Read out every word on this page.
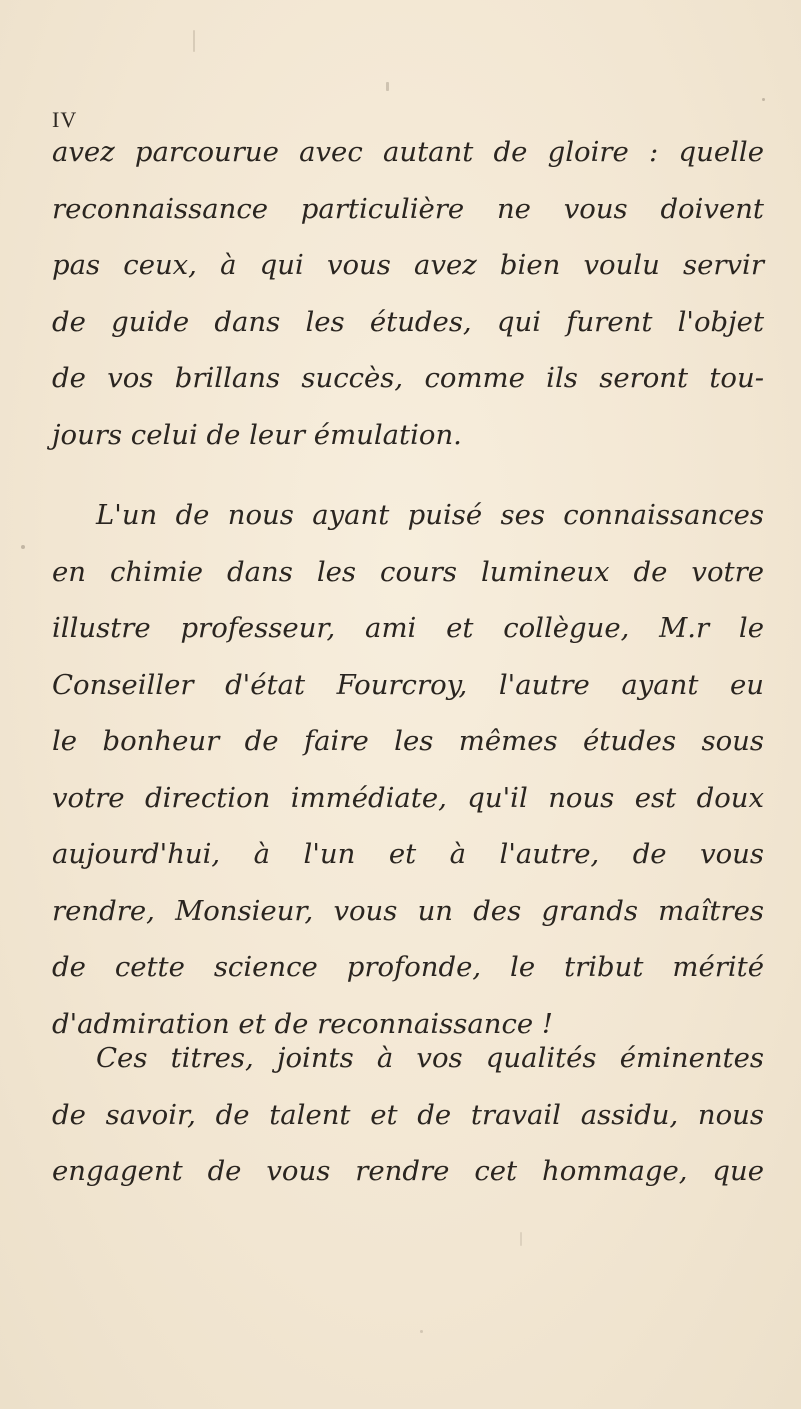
IV
avez parcourue avec autant de gloire : quelle
reconnaissance particulière ne vous doivent
pas ceux, à qui vous avez bien voulu servir
de guide dans les études, qui furent l'objet
de vos brillans succès, comme ils seront tou-
jours celui de leur émulation.
L'un de nous ayant puisé ses connaissances
en chimie dans les cours lumineux de votre
illustre professeur, ami et collègue, M.r le
Conseiller d'état Fourcroy, l'autre ayant eu
le bonheur de faire les mêmes études sous
votre direction immédiate, qu'il nous est doux
aujourd'hui, à l'un et à l'autre, de vous
rendre, Monsieur, vous un des grands maîtres
de cette science profonde, le tribut mérité
d'admiration et de reconnaissance !
Ces titres, joints à vos qualités éminentes
de savoir, de talent et de travail assidu, nous
engagent de vous rendre cet hommage, que
